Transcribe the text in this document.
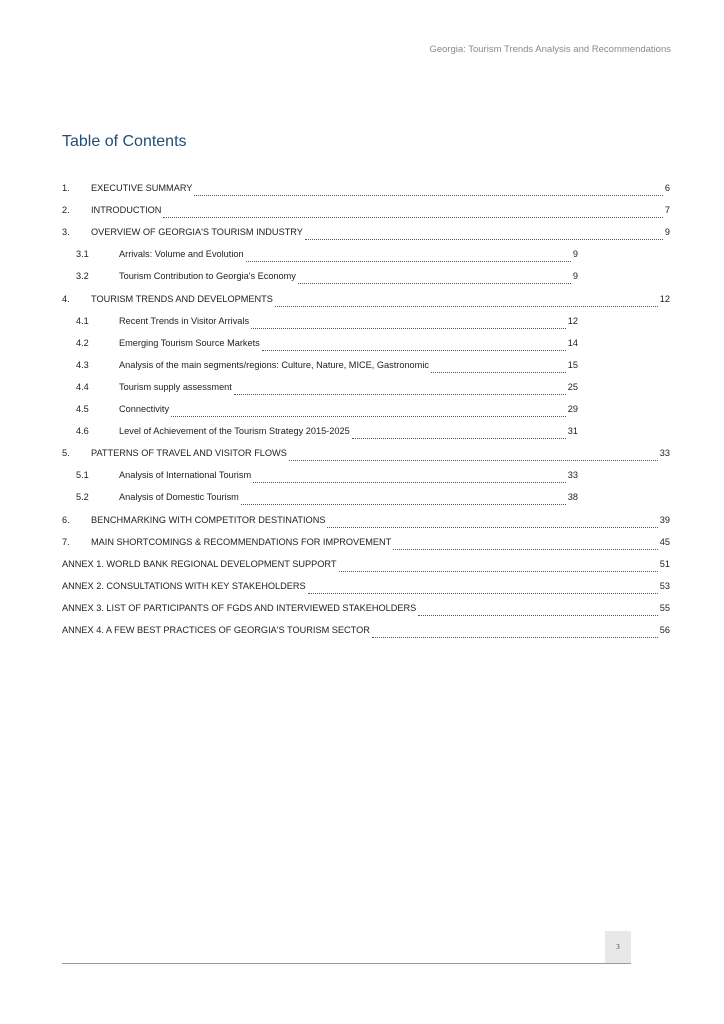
Georgia: Tourism Trends Analysis and Recommendations
Table of Contents
1.	EXECUTIVE SUMMARY	6
2.	INTRODUCTION	7
3.	OVERVIEW OF GEORGIA'S TOURISM INDUSTRY	9
3.1	Arrivals: Volume and Evolution	9
3.2	Tourism Contribution to Georgia's Economy	9
4.	TOURISM TRENDS AND DEVELOPMENTS	12
4.1	Recent Trends in Visitor Arrivals	12
4.2	Emerging Tourism Source Markets	14
4.3	Analysis of the main segments/regions: Culture, Nature, MICE, Gastronomic	15
4.4	Tourism supply assessment	25
4.5	Connectivity	29
4.6	Level of Achievement of the Tourism Strategy 2015-2025	31
5.	PATTERNS OF TRAVEL AND VISITOR FLOWS	33
5.1	Analysis of International Tourism	33
5.2	Analysis of Domestic Tourism	38
6.	BENCHMARKING WITH COMPETITOR DESTINATIONS	39
7.	MAIN SHORTCOMINGS & RECOMMENDATIONS FOR IMPROVEMENT	45
ANNEX 1. WORLD BANK REGIONAL DEVELOPMENT SUPPORT	51
ANNEX 2. CONSULTATIONS WITH KEY STAKEHOLDERS	53
ANNEX 3. LIST OF PARTICIPANTS OF FGDS AND INTERVIEWED STAKEHOLDERS	55
ANNEX 4. A FEW BEST PRACTICES OF GEORGIA'S TOURISM SECTOR	56
3
